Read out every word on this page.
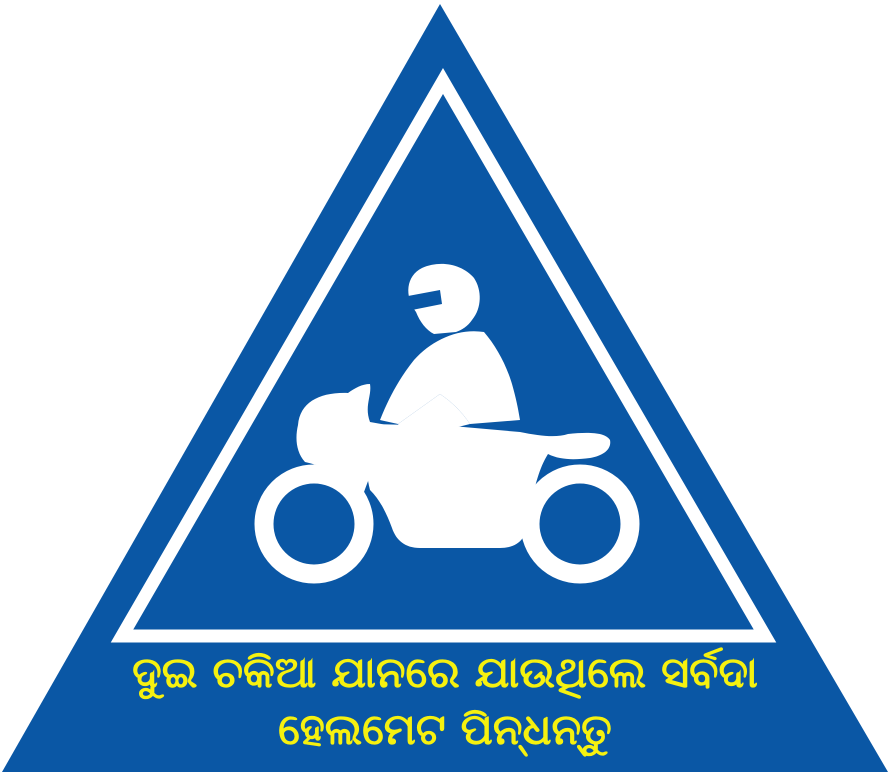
ଦୁଇ ଚକିଆ ଯାନରେ ଯାଉଥିଲେ ସର୍ବଦା
ହେଲମେଟ ପିନ୍ଧନ୍ତୁ
